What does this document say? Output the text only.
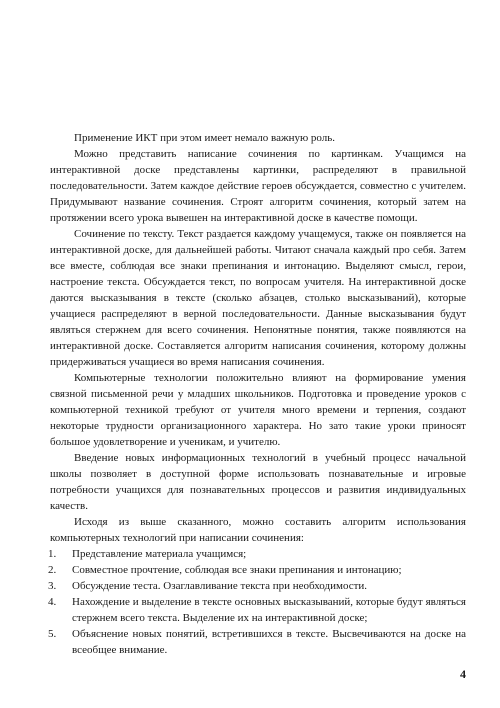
Применение ИКТ при этом имеет немало важную роль.

Можно представить написание сочинения по картинкам. Учащимся на интерактивной доске представлены картинки, распределяют в правильной последовательности. Затем каждое действие героев обсуждается, совместно с учителем. Придумывают название сочинения. Строят алгоритм сочинения, который затем на протяжении всего урока вывешен на интерактивной доске в качестве помощи.

Сочинение по тексту. Текст раздается каждому учащемуся, также он появляется на интерактивной доске, для дальнейшей работы. Читают сначала каждый про себя. Затем все вместе, соблюдая все знаки препинания и интонацию. Выделяют смысл, герои, настроение текста. Обсуждается текст, по вопросам учителя. На интерактивной доске даются высказывания в тексте (сколько абзацев, столько высказываний), которые учащиеся распределяют в верной последовательности. Данные высказывания будут являться стержнем для всего сочинения. Непонятные понятия, также появляются на интерактивной доске. Составляется алгоритм написания сочинения, которому должны придерживаться учащиеся во время написания сочинения.

Компьютерные технологии положительно влияют на формирование умения связной письменной речи у младших школьников. Подготовка и проведение уроков с компьютерной техникой требуют от учителя много времени и терпения, создают некоторые трудности организационного характера. Но зато такие уроки приносят большое удовлетворение и ученикам, и учителю.

Введение новых информационных технологий в учебный процесс начальной школы позволяет в доступной форме использовать познавательные и игровые потребности учащихся для познавательных процессов и развития индивидуальных качеств.

Исходя из выше сказанного, можно составить алгоритм использования компьютерных технологий при написании сочинения:

1. Представление материала учащимся;
2. Совместное прочтение, соблюдая все знаки препинания и интонацию;
3. Обсуждение теста. Озаглавливание текста при необходимости.
4. Нахождение и выделение в тексте основных высказываний, которые будут являться стержнем всего текста. Выделение их на интерактивной доске;
5. Объяснение новых понятий, встретившихся в тексте. Высвечиваются на доске на всеобщее внимание.
4
